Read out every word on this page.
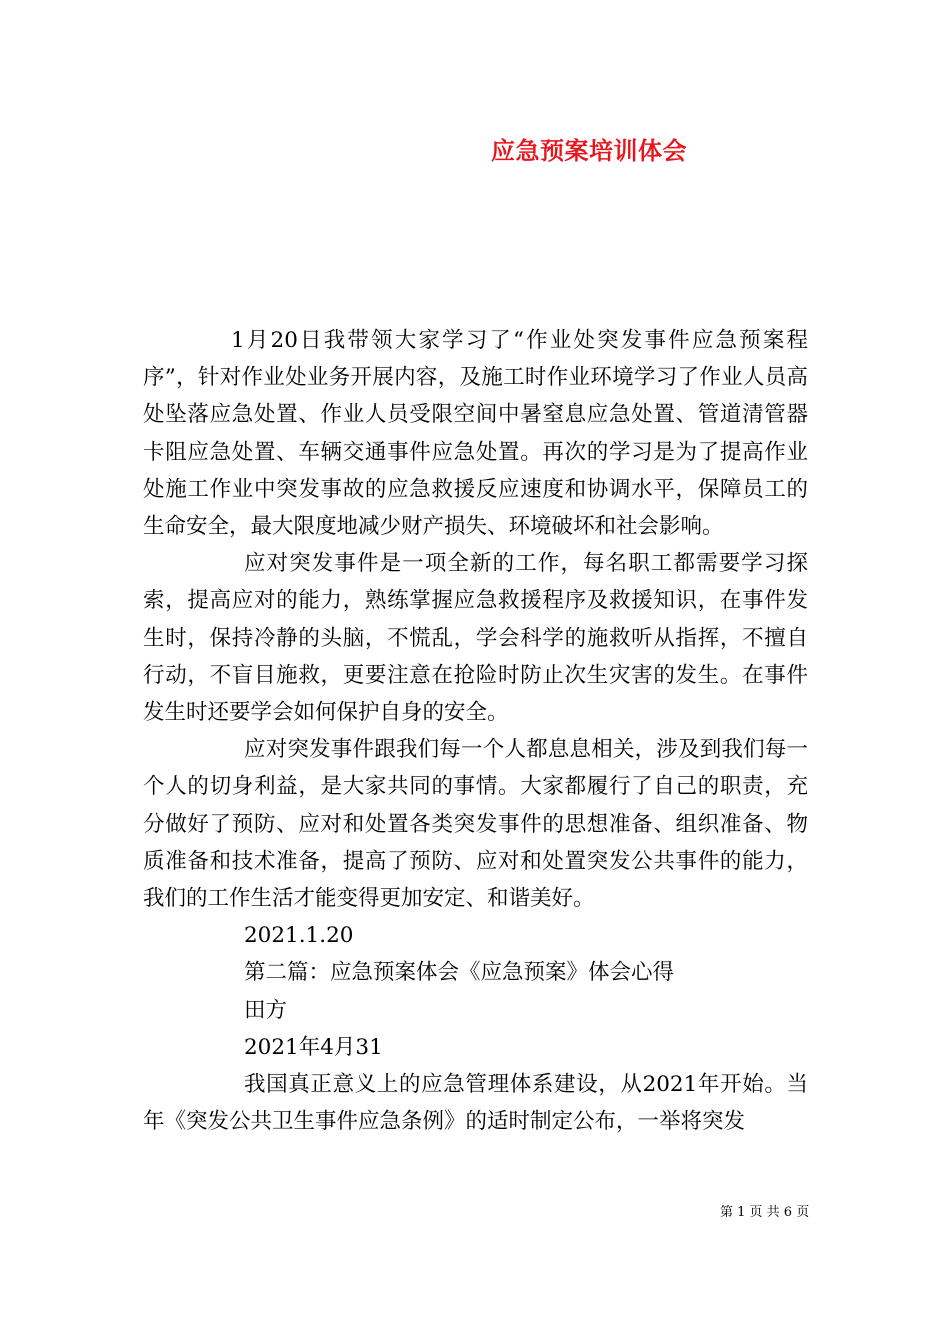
应急预案培训体会

1月20日我带领大家学习了“作业处突发事件应急预案程序”，针对作业处业务开展内容，及施工时作业环境学习了作业人员高处坠落应急处置、作业人员受限空间中暑窒息应急处置、管道清管器卡阻应急处置、车辆交通事件应急处置。再次的学习是为了提高作业处施工作业中突发事故的应急救援反应速度和协调水平，保障员工的生命安全，最大限度地减少财产损失、环境破坏和社会影响。

应对突发事件是一项全新的工作，每名职工都需要学习探索，提高应对的能力，熟练掌握应急救援程序及救援知识，在事件发生时，保持冷静的头脑，不慌乱，学会科学的施救听从指挥，不擅自行动，不盲目施救，更要注意在抢险时防止次生灾害的发生。在事件发生时还要学会如何保护自身的安全。

应对突发事件跟我们每一个人都息息相关，涉及到我们每一个人的切身利益，是大家共同的事情。大家都履行了自己的职责，充分做好了预防、应对和处置各类突发事件的思想准备、组织准备、物质准备和技术准备，提高了预防、应对和处置突发公共事件的能力，我们的工作生活才能变得更加安定、和谐美好。

2021.1.20
第二篇：应急预案体会《应急预案》体会心得
田方
2021年4月31

我国真正意义上的应急管理体系建设，从2021年开始。当年《突发公共卫生事件应急条例》的适时制定公布，一举将突发

第 1 页 共 6 页
